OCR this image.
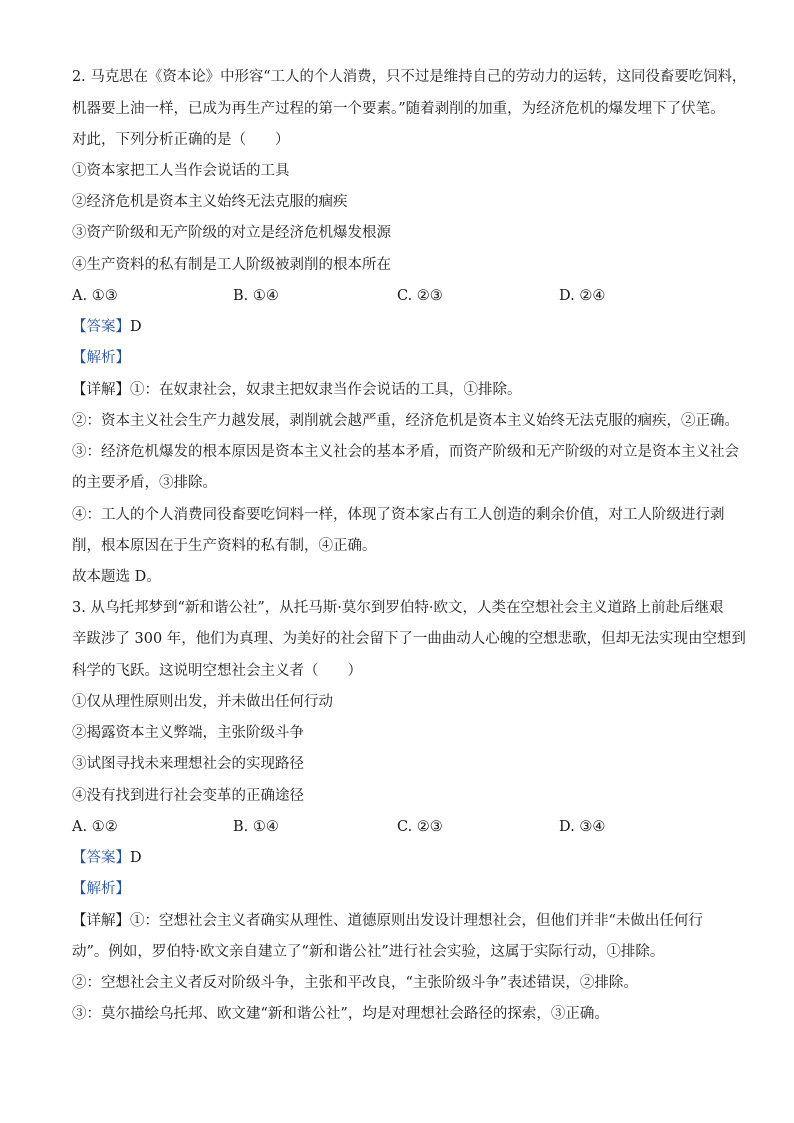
2. 马克思在《资本论》中形容“工人的个人消费，只不过是维持自己的劳动力的运转，这同役畜要吃饲料，
机器要上油一样，已成为再生产过程的第一个要素。”随着剥削的加重，为经济危机的爆发埋下了伏笔。
对此，下列分析正确的是（　　）
①资本家把工人当作会说话的工具
②经济危机是资本主义始终无法克服的痼疾
③资产阶级和无产阶级的对立是经济危机爆发根源
④生产资料的私有制是工人阶级被剥削的根本所在
A. ①③	B. ①④	C. ②③	D. ②④
【答案】D
【解析】
【详解】①：在奴隶社会，奴隶主把奴隶当作会说话的工具，①排除。
②：资本主义社会生产力越发展，剥削就会越严重，经济危机是资本主义始终无法克服的痼疾，②正确。
③：经济危机爆发的根本原因是资本主义社会的基本矛盾，而资产阶级和无产阶级的对立是资本主义社会
的主要矛盾，③排除。
④：工人的个人消费同役畜要吃饲料一样，体现了资本家占有工人创造的剩余价值，对工人阶级进行剥
削，根本原因在于生产资料的私有制，④正确。
故本题选 D。
3. 从乌托邦梦到“新和谐公社”，从托马斯·莫尔到罗伯特·欧文，人类在空想社会主义道路上前赴后继艰
辛跋涉了 300 年，他们为真理、为美好的社会留下了一曲曲动人心魄的空想悲歌，但却无法实现由空想到
科学的飞跃。这说明空想社会主义者（　　）
①仅从理性原则出发，并未做出任何行动
②揭露资本主义弊端，主张阶级斗争
③试图寻找未来理想社会的实现路径
④没有找到进行社会变革的正确途径
A. ①②	B. ①④	C. ②③	D. ③④
【答案】D
【解析】
【详解】①：空想社会主义者确实从理性、道德原则出发设计理想社会，但他们并非“未做出任何行
动”。例如，罗伯特·欧文亲自建立了“新和谐公社”进行社会实验，这属于实际行动，①排除。
②：空想社会主义者反对阶级斗争，主张和平改良，“主张阶级斗争”表述错误，②排除。
③：莫尔描绘乌托邦、欧文建“新和谐公社”，均是对理想社会路径的探索，③正确。
